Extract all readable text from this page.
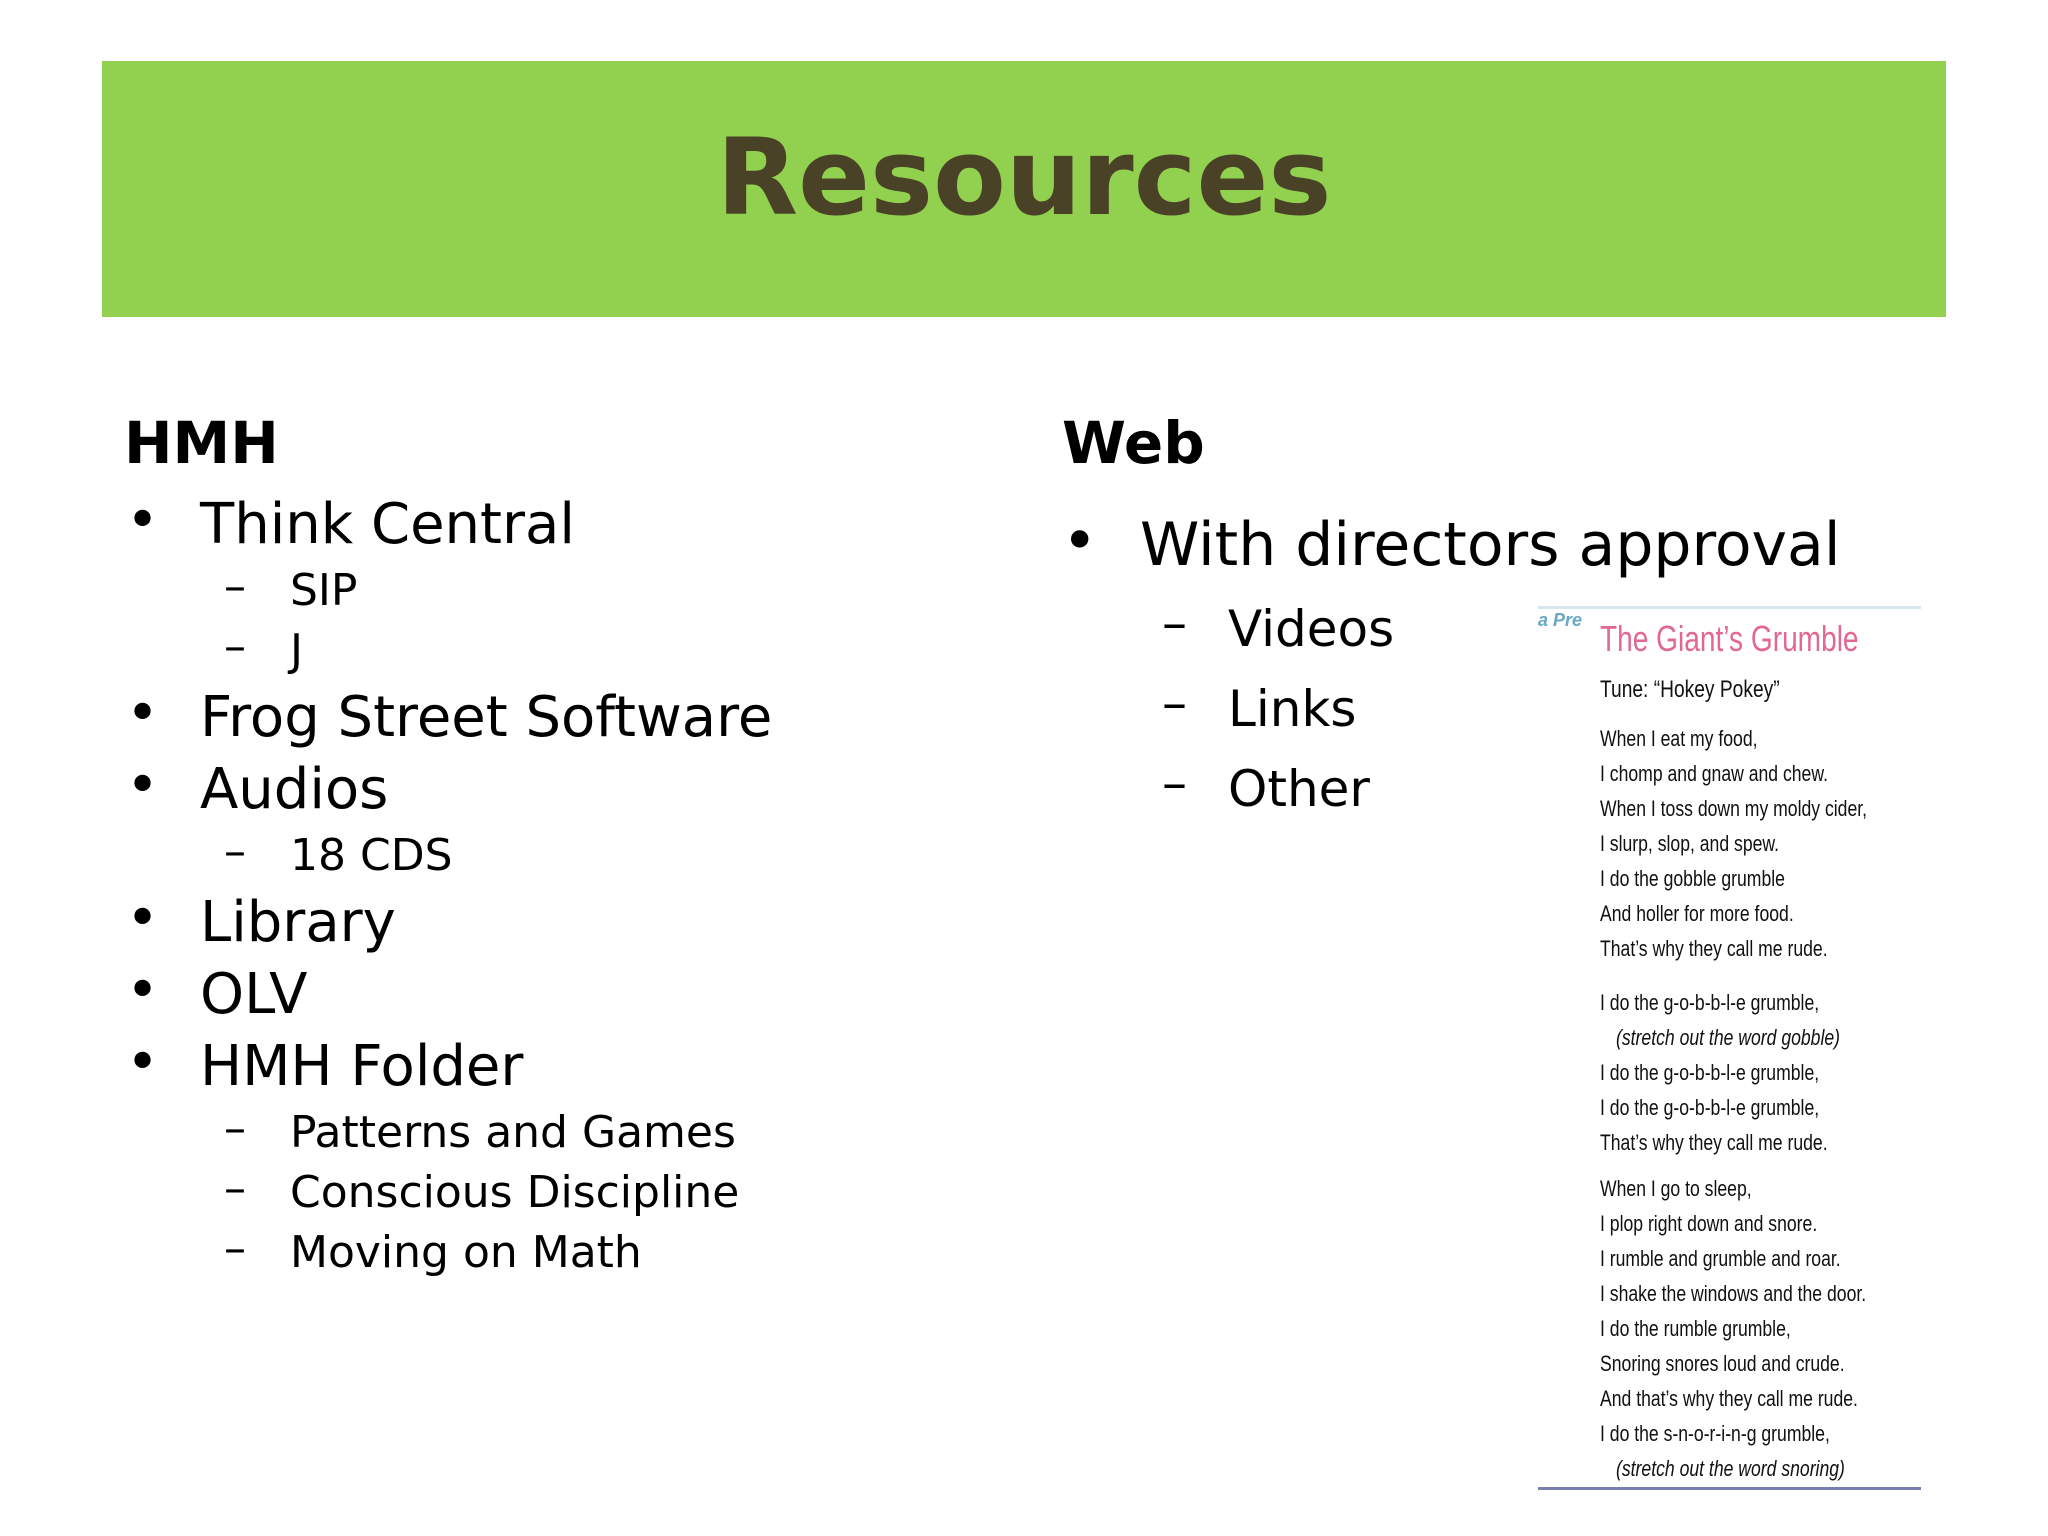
Resources
HMH
• Think Central
– SIP
– J
• Frog Street Software
• Audios
– 18 CDS
• Library
• OLV
• HMH Folder
– Patterns and Games
– Conscious Discipline
– Moving on Math
Web
• With directors approval
– Videos
– Links
– Other
a Pre The Giant’s Grumble
Tune: “Hokey Pokey”
When I eat my food,
I chomp and gnaw and chew.
When I toss down my moldy cider,
I slurp, slop, and spew.
I do the gobble grumble
And holler for more food.
That’s why they call me rude.
I do the g-o-b-b-l-e grumble,
(stretch out the word gobble)
I do the g-o-b-b-l-e grumble,
I do the g-o-b-b-l-e grumble,
That’s why they call me rude.
When I go to sleep,
I plop right down and snore.
I rumble and grumble and roar.
I shake the windows and the door.
I do the rumble grumble,
Snoring snores loud and crude.
And that’s why they call me rude.
I do the s-n-o-r-i-n-g grumble,
(stretch out the word snoring)
